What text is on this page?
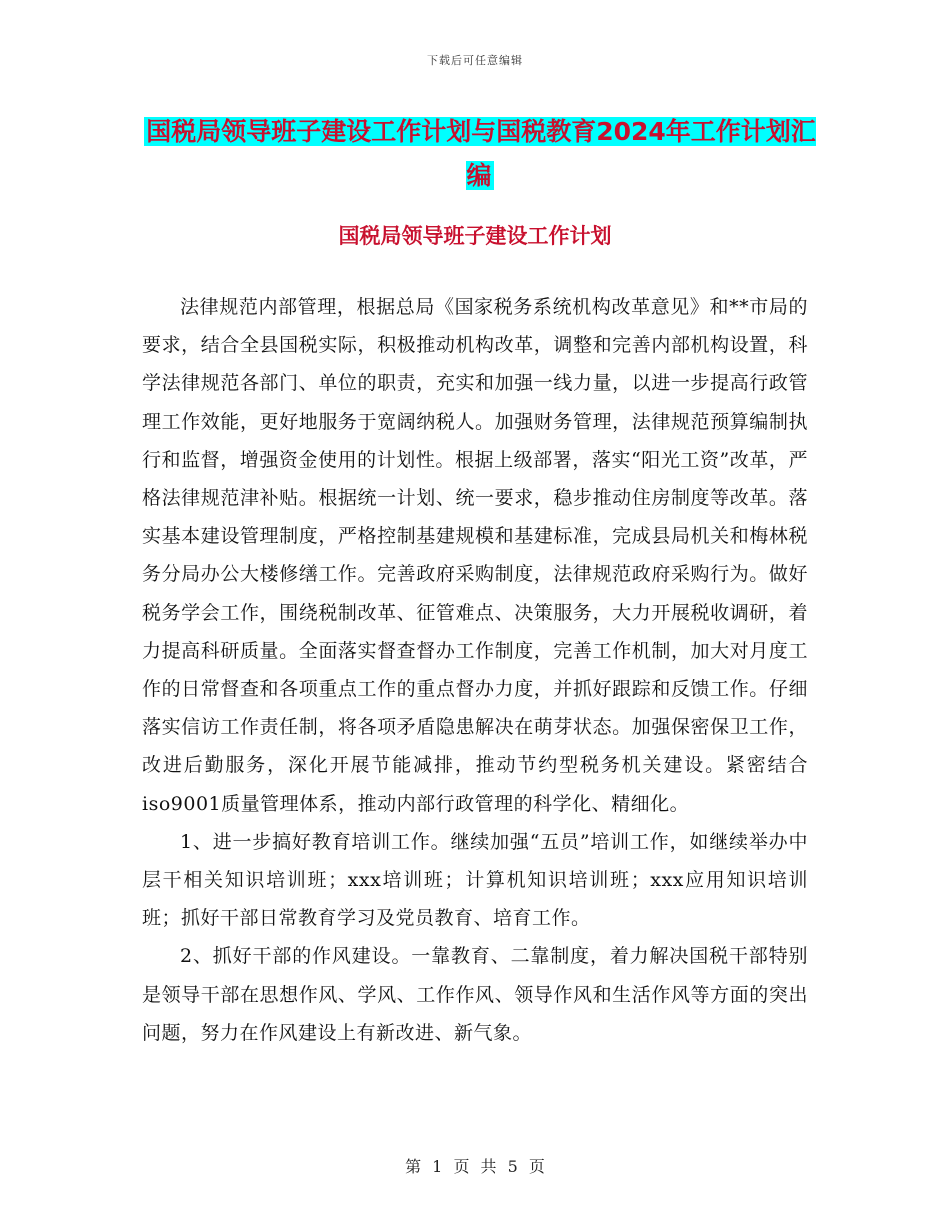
下载后可任意编辑
国税局领导班子建设工作计划与国税教育2024年工作计划汇编
国税局领导班子建设工作计划

法律规范内部管理，根据总局《国家税务系统机构改革意见》和**市局的要求，结合全县国税实际，积极推动机构改革，调整和完善内部机构设置，科学法律规范各部门、单位的职责，充实和加强一线力量，以进一步提高行政管理工作效能，更好地服务于宽阔纳税人。加强财务管理，法律规范预算编制执行和监督，增强资金使用的计划性。根据上级部署，落实“阳光工资”改革，严格法律规范津补贴。根据统一计划、统一要求，稳步推动住房制度等改革。落实基本建设管理制度，严格控制基建规模和基建标准，完成县局机关和梅林税务分局办公大楼修缮工作。完善政府采购制度，法律规范政府采购行为。做好税务学会工作，围绕税制改革、征管难点、决策服务，大力开展税收调研，着力提高科研质量。全面落实督查督办工作制度，完善工作机制，加大对月度工作的日常督查和各项重点工作的重点督办力度，并抓好跟踪和反馈工作。仔细落实信访工作责任制，将各项矛盾隐患解决在萌芽状态。加强保密保卫工作，改进后勤服务，深化开展节能减排，推动节约型税务机关建设。紧密结合iso9001质量管理体系，推动内部行政管理的科学化、精细化。

1、进一步搞好教育培训工作。继续加强“五员”培训工作，如继续举办中层干相关知识培训班；xxx培训班；计算机知识培训班；xxx应用知识培训班；抓好干部日常教育学习及党员教育、培育工作。

2、抓好干部的作风建设。一靠教育、二靠制度，着力解决国税干部特别是领导干部在思想作风、学风、工作作风、领导作风和生活作风等方面的突出问题，努力在作风建设上有新改进、新气象。

第 1 页 共 5 页
